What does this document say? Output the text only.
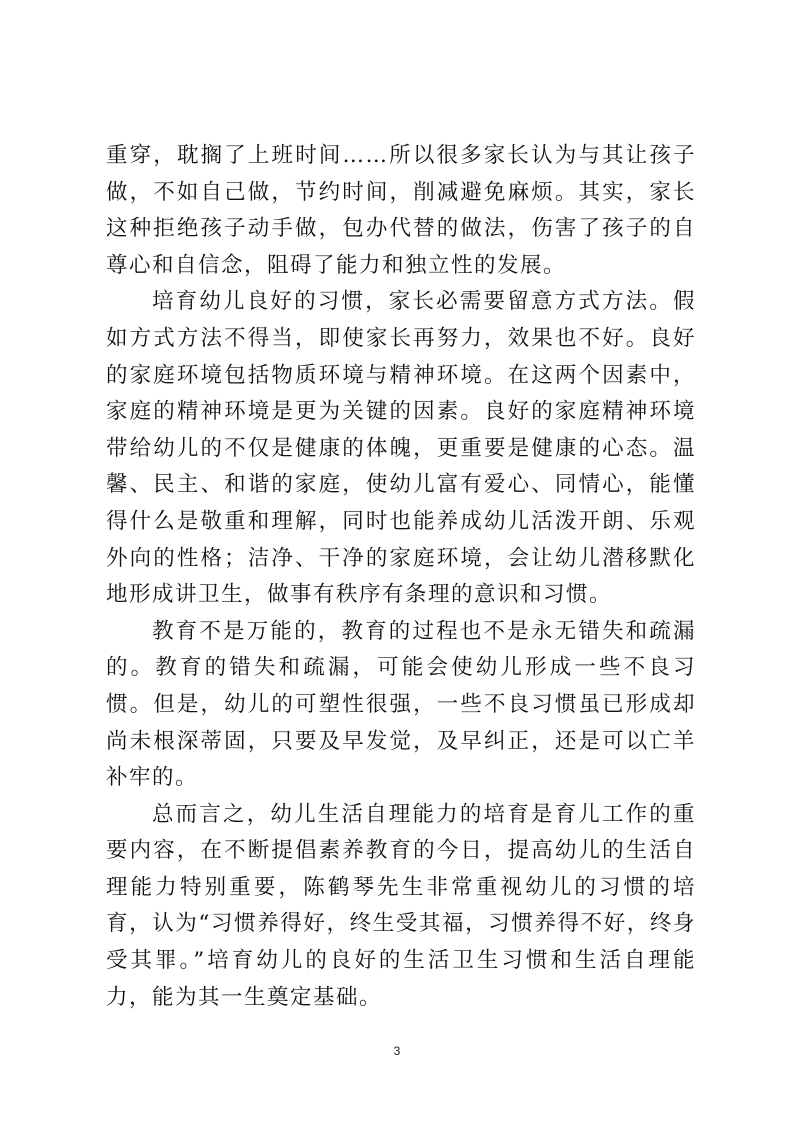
重穿，耽搁了上班时间……所以很多家长认为与其让孩子做，不如自己做，节约时间，削减避免麻烦。其实，家长这种拒绝孩子动手做，包办代替的做法，伤害了孩子的自尊心和自信念，阻碍了能力和独立性的发展。

培育幼儿良好的习惯，家长必需要留意方式方法。假如方式方法不得当，即使家长再努力，效果也不好。良好的家庭环境包括物质环境与精神环境。在这两个因素中，家庭的精神环境是更为关键的因素。良好的家庭精神环境带给幼儿的不仅是健康的体魄，更重要是健康的心态。温馨、民主、和谐的家庭，使幼儿富有爱心、同情心，能懂得什么是敬重和理解，同时也能养成幼儿活泼开朗、乐观外向的性格；洁净、干净的家庭环境，会让幼儿潜移默化地形成讲卫生，做事有秩序有条理的意识和习惯。

教育不是万能的，教育的过程也不是永无错失和疏漏的。教育的错失和疏漏，可能会使幼儿形成一些不良习惯。但是，幼儿的可塑性很强，一些不良习惯虽已形成却尚未根深蒂固，只要及早发觉，及早纠正，还是可以亡羊补牢的。

总而言之，幼儿生活自理能力的培育是育儿工作的重要内容，在不断提倡素养教育的今日，提高幼儿的生活自理能力特别重要，陈鹤琴先生非常重视幼儿的习惯的培育，认为“习惯养得好，终生受其福，习惯养得不好，终身受其罪。”培育幼儿的良好的生活卫生习惯和生活自理能力，能为其一生奠定基础。

3
